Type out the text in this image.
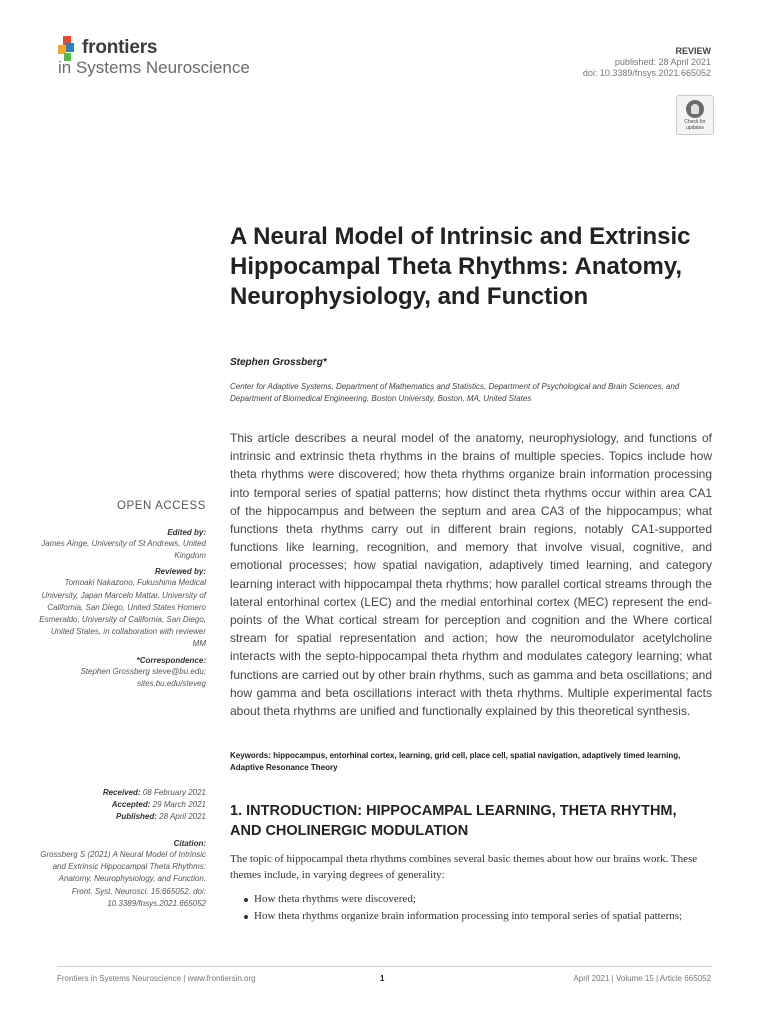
frontiers
in Systems Neuroscience
REVIEW
published: 28 April 2021
doi: 10.3389/fnsys.2021.665052
Check for
updates
A Neural Model of Intrinsic and Extrinsic Hippocampal Theta Rhythms: Anatomy, Neurophysiology, and Function
Stephen Grossberg*
Center for Adaptive Systems, Department of Mathematics and Statistics, Department of Psychological and Brain Sciences, and Department of Biomedical Engineering, Boston University, Boston, MA, United States

This article describes a neural model of the anatomy, neurophysiology, and functions of intrinsic and extrinsic theta rhythms in the brains of multiple species. Topics include how theta rhythms were discovered; how theta rhythms organize brain information processing into temporal series of spatial patterns; how distinct theta rhythms occur within area CA1 of the hippocampus and between the septum and area CA3 of the hippocampus; what functions theta rhythms carry out in different brain regions, notably CA1-supported functions like learning, recognition, and memory that involve visual, cognitive, and emotional processes; how spatial navigation, adaptively timed learning, and category learning interact with hippocampal theta rhythms; how parallel cortical streams through the lateral entorhinal cortex (LEC) and the medial entorhinal cortex (MEC) represent the end-points of the What cortical stream for perception and cognition and the Where cortical stream for spatial representation and action; how the neuromodulator acetylcholine interacts with the septo-hippocampal theta rhythm and modulates category learning; what functions are carried out by other brain rhythms, such as gamma and beta oscillations; and how gamma and beta oscillations interact with theta rhythms. Multiple experimental facts about theta rhythms are unified and functionally explained by this theoretical synthesis.

Keywords: hippocampus, entorhinal cortex, learning, grid cell, place cell, spatial navigation, adaptively timed learning, Adaptive Resonance Theory
1. INTRODUCTION: HIPPOCAMPAL LEARNING, THETA RHYTHM, AND CHOLINERGIC MODULATION

The topic of hippocampal theta rhythms combines several basic themes about how our brains work. These themes include, in varying degrees of generality:

How theta rhythms were discovered;
How theta rhythms organize brain information processing into temporal series of spatial patterns;
OPEN ACCESS
Edited by:
James Ainge, University of St Andrews, United Kingdom
Reviewed by:
Tomoaki Nakazono, Fukushima Medical University, Japan Marcelo Mattar, University of California, San Diego, United States Homero Esmeraldo, University of California, San Diego, United States, in collaboration with reviewer MM
*Correspondence:
Stephen Grossberg steve@bu.edu; sites.bu.edu/steveg
Received: 08 February 2021
Accepted: 29 March 2021
Published: 28 April 2021
Citation:
Grossberg S (2021) A Neural Model of Intrinsic and Extrinsic Hippocampal Theta Rhythms: Anatomy, Neurophysiology, and Function. Front. Syst. Neurosci. 15:665052. doi: 10.3389/fnsys.2021.665052
Frontiers in Systems Neuroscience | www.frontiersin.org	1	April 2021 | Volume 15 | Article 665052
